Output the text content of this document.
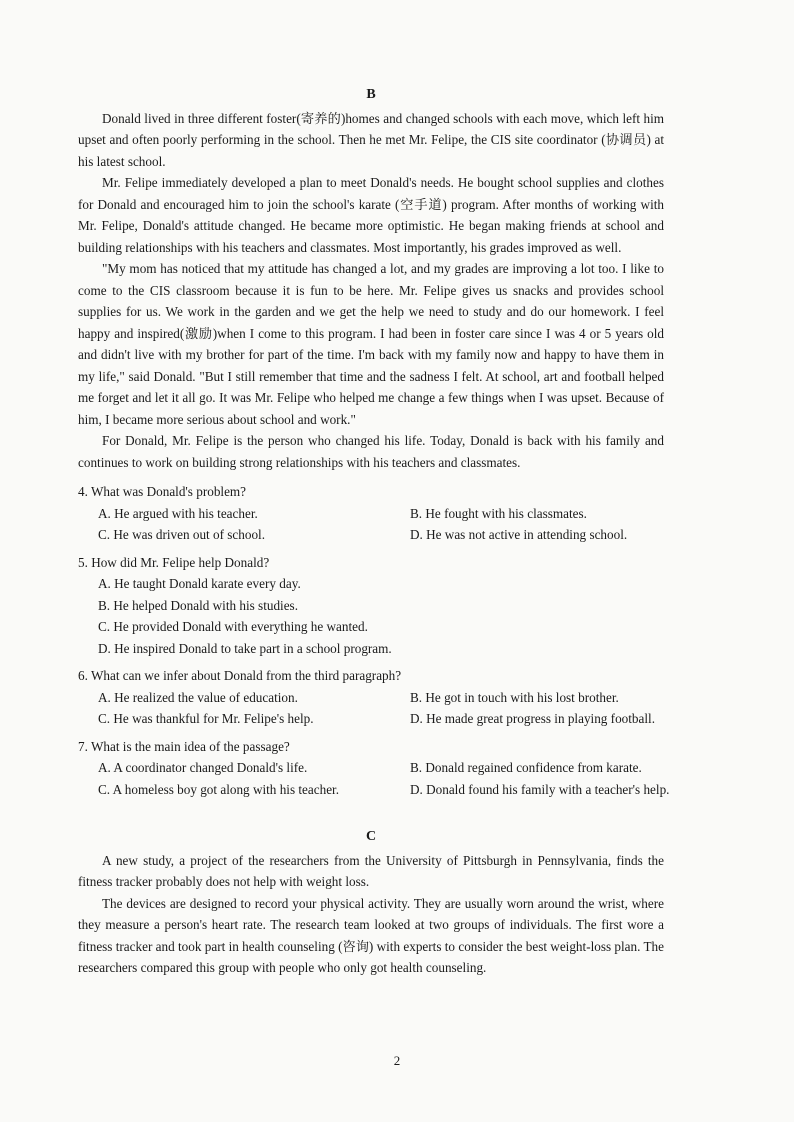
B

Donald lived in three different foster(寄养的)homes and changed schools with each move, which left him upset and often poorly performing in the school. Then he met Mr. Felipe, the CIS site coordinator (协调员) at his latest school.

Mr. Felipe immediately developed a plan to meet Donald's needs. He bought school supplies and clothes for Donald and encouraged him to join the school's karate (空手道) program. After months of working with Mr. Felipe, Donald's attitude changed. He became more optimistic. He began making friends at school and building relationships with his teachers and classmates. Most importantly, his grades improved as well.

"My mom has noticed that my attitude has changed a lot, and my grades are improving a lot too. I like to come to the CIS classroom because it is fun to be here. Mr. Felipe gives us snacks and provides school supplies for us. We work in the garden and we get the help we need to study and do our homework. I feel happy and inspired(激励)when I come to this program. I had been in foster care since I was 4 or 5 years old and didn't live with my brother for part of the time. I'm back with my family now and happy to have them in my life," said Donald. "But I still remember that time and the sadness I felt. At school, art and football helped me forget and let it all go. It was Mr. Felipe who helped me change a few things when I was upset. Because of him, I became more serious about school and work."

For Donald, Mr. Felipe is the person who changed his life. Today, Donald is back with his family and continues to work on building strong relationships with his teachers and classmates.

4. What was Donald's problem?

A. He argued with his teacher.	B. He fought with his classmates.
C. He was driven out of school.	D. He was not active in attending school.

5. How did Mr. Felipe help Donald?

A. He taught Donald karate every day.
B. He helped Donald with his studies.
C. He provided Donald with everything he wanted.
D. He inspired Donald to take part in a school program.

6. What can we infer about Donald from the third paragraph?

A. He realized the value of education.	B. He got in touch with his lost brother.
C. He was thankful for Mr. Felipe's help.	D. He made great progress in playing football.

7. What is the main idea of the passage?

A. A coordinator changed Donald's life.	B. Donald regained confidence from karate.
C. A homeless boy got along with his teacher.	D. Donald found his family with a teacher's help.
C

A new study, a project of the researchers from the University of Pittsburgh in Pennsylvania, finds the fitness tracker probably does not help with weight loss.

The devices are designed to record your physical activity. They are usually worn around the wrist, where they measure a person's heart rate. The research team looked at two groups of individuals. The first wore a fitness tracker and took part in health counseling (咨询) with experts to consider the best weight-loss plan. The researchers compared this group with people who only got health counseling.

2
